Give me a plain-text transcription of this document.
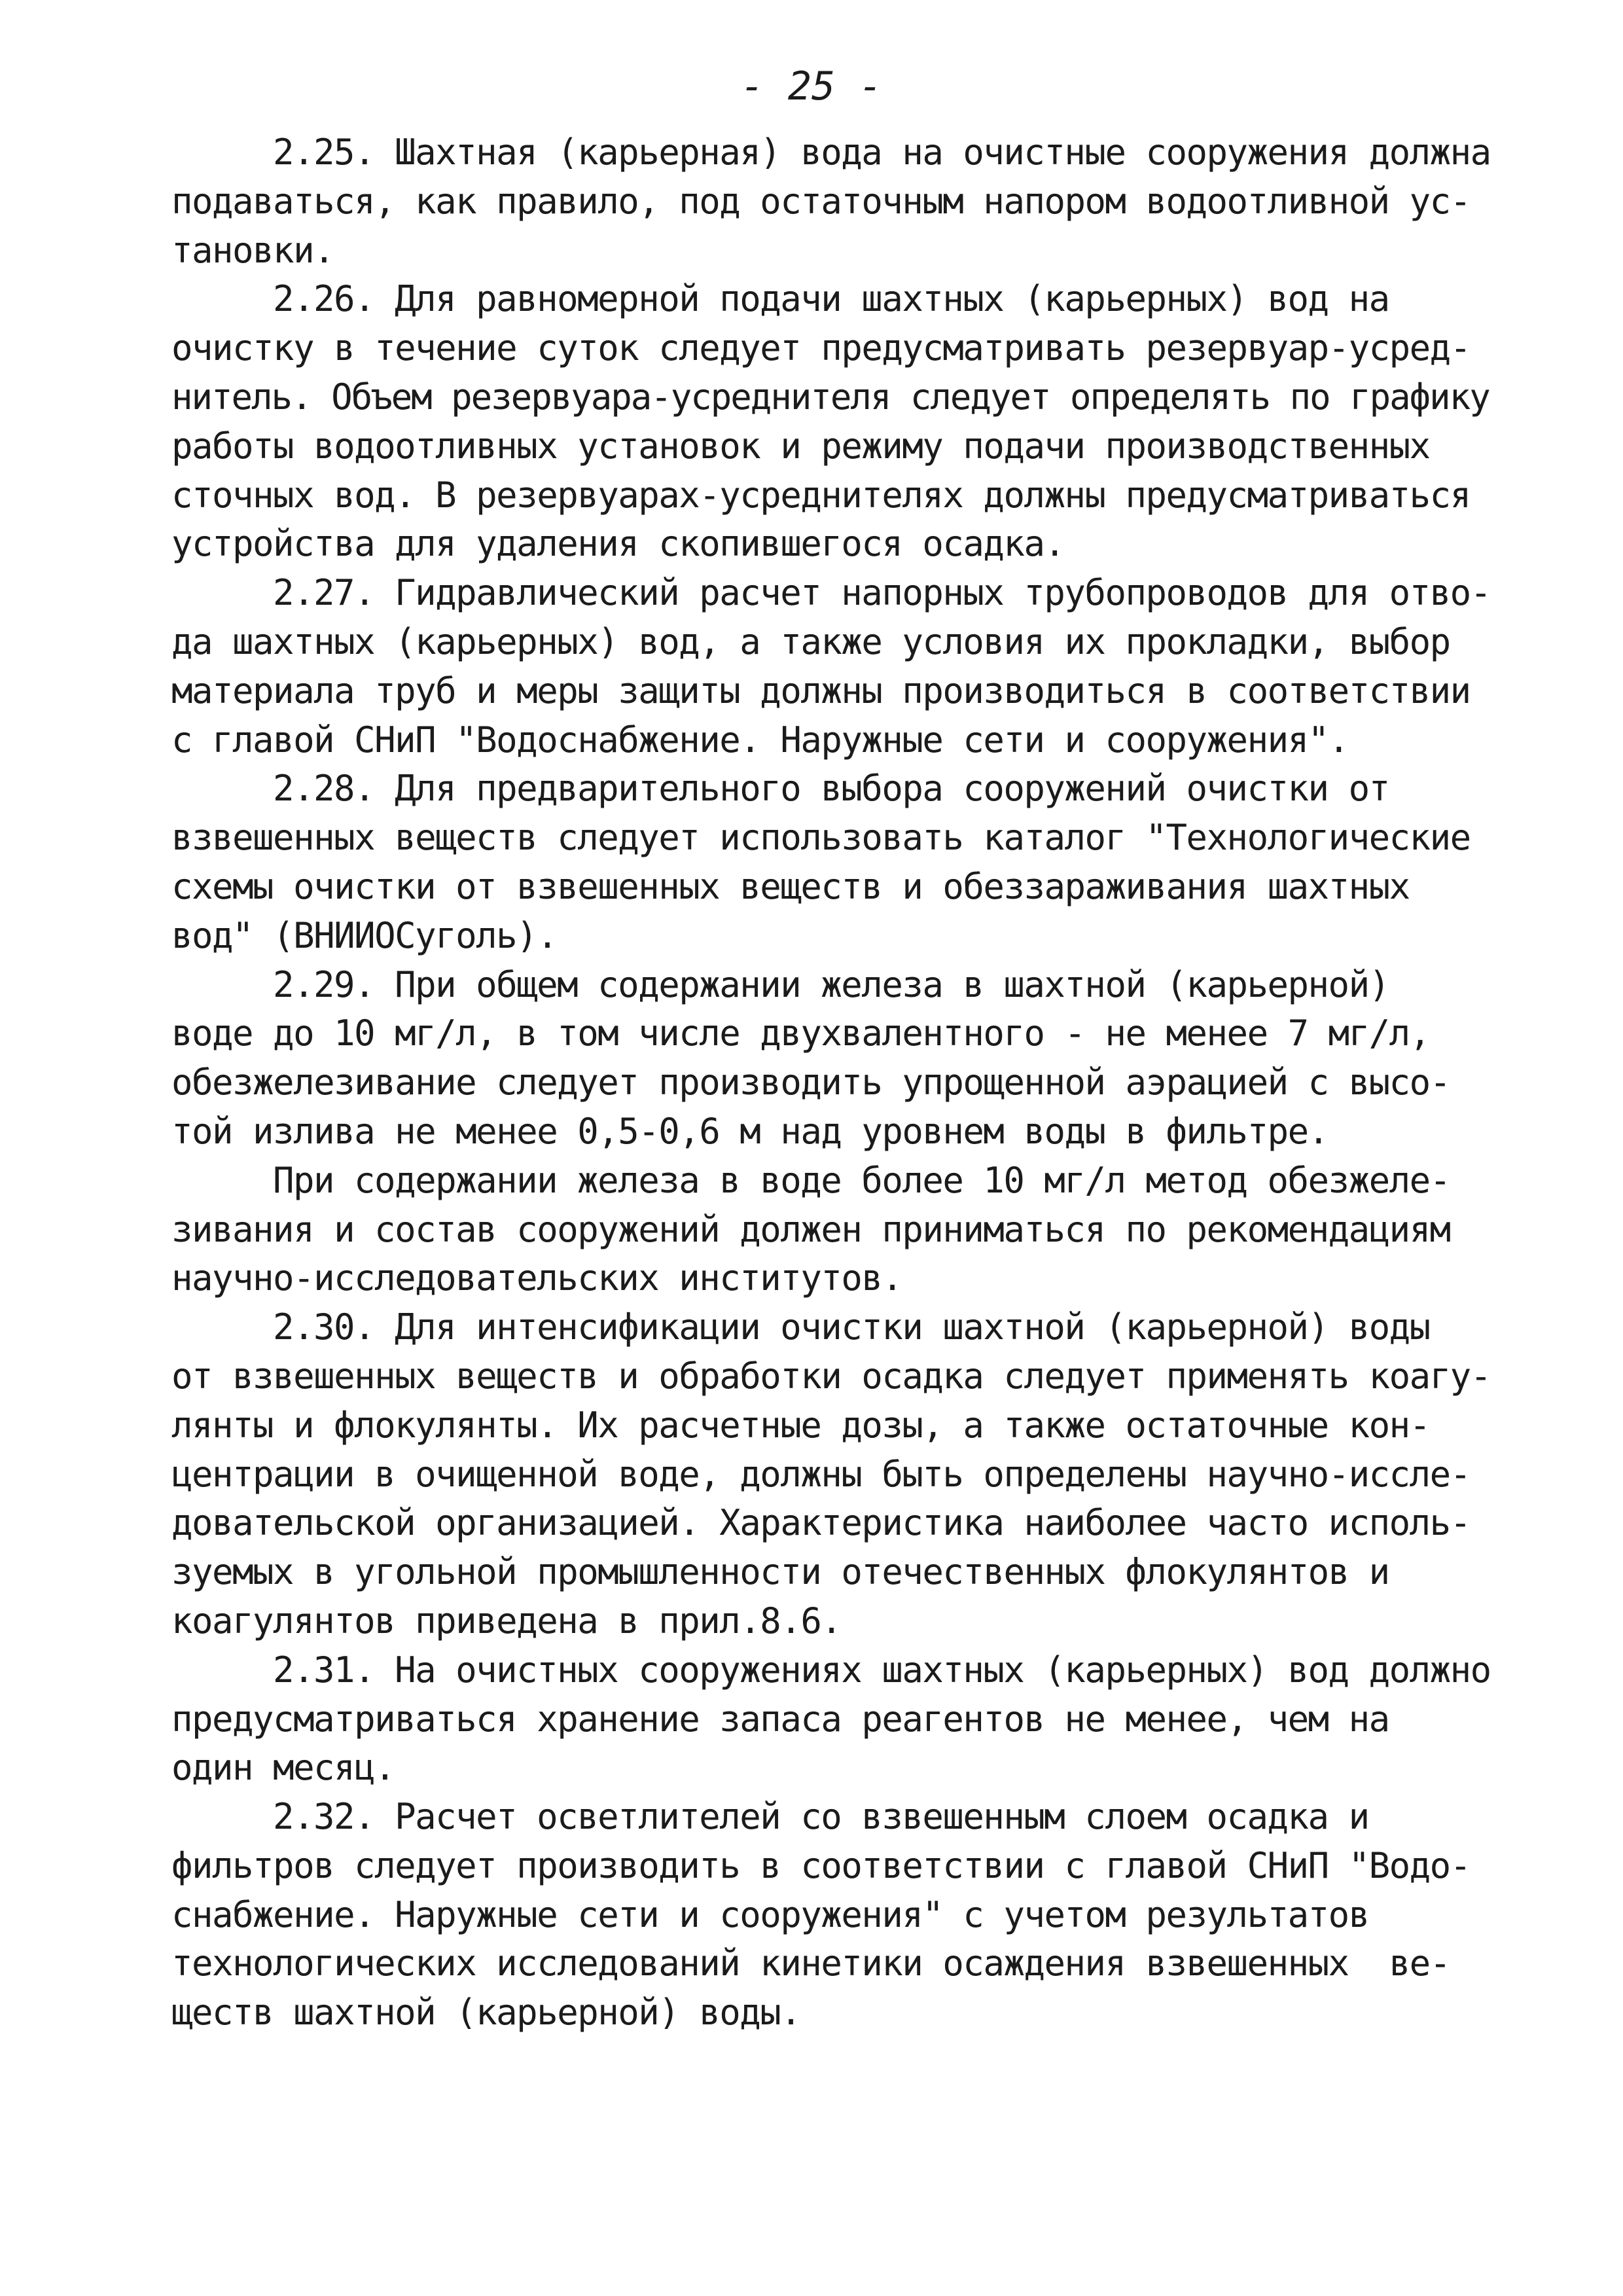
- 25 -
2.25. Шахтная (карьерная) вода на очистные сооружения должна
подаваться, как правило, под остаточным напором водоотливной ус-
тановки.
2.26. Для равномерной подачи шахтных (карьерных) вод на
очистку в течение суток следует предусматривать резервуар-усред-
нитель. Объем резервуара-усреднителя следует определять по графику
работы водоотливных установок и режиму подачи производственных
сточных вод. В резервуарах-усреднителях должны предусматриваться
устройства для удаления скопившегося осадка.
2.27. Гидравлический расчет напорных трубопроводов для отво-
да шахтных (карьерных) вод, а также условия их прокладки, выбор
материала труб и меры защиты должны производиться в соответствии
с главой СНиП "Водоснабжение. Наружные сети и сооружения".
2.28. Для предварительного выбора сооружений очистки от
взвешенных веществ следует использовать каталог "Технологические
схемы очистки от взвешенных веществ и обеззараживания шахтных
вод" (ВНИИОСуголь).
2.29. При общем содержании железа в шахтной (карьерной)
воде до 10 мг/л, в том числе двухвалентного - не менее 7 мг/л,
обезжелезивание следует производить упрощенной аэрацией с высо-
той излива не менее 0,5-0,6 м над уровнем воды в фильтре.
При содержании железа в воде более 10 мг/л метод обезжеле-
зивания и состав сооружений должен приниматься по рекомендациям
научно-исследовательских институтов.
2.30. Для интенсификации очистки шахтной (карьерной) воды
от взвешенных веществ и обработки осадка следует применять коагу-
лянты и флокулянты. Их расчетные дозы, а также остаточные кон-
центрации в очищенной воде, должны быть определены научно-иссле-
довательской организацией. Характеристика наиболее часто исполь-
зуемых в угольной промышленности отечественных флокулянтов и
коагулянтов приведена в прил.8.6.
2.31. На очистных сооружениях шахтных (карьерных) вод должно
предусматриваться хранение запаса реагентов не менее, чем на
один месяц.
2.32. Расчет осветлителей со взвешенным слоем осадка и
фильтров следует производить в соответствии с главой СНиП "Водо-
снабжение. Наружные сети и сооружения" с учетом результатов
технологических исследований кинетики осаждения взвешенных  ве-
ществ шахтной (карьерной) воды.
